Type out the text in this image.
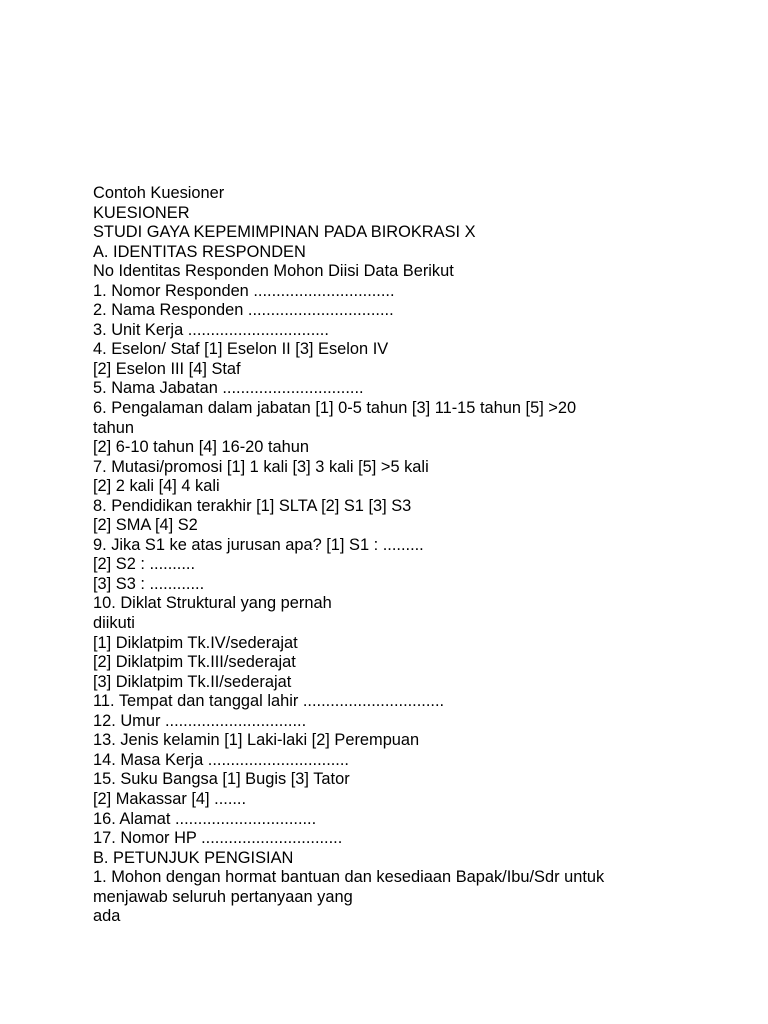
Contoh Kuesioner

KUESIONER

STUDI GAYA KEPEMIMPINAN PADA BIROKRASI X

A. IDENTITAS RESPONDEN

No Identitas Responden Mohon Diisi Data Berikut

1. Nomor Responden ...............................

2. Nama Responden ................................

3. Unit Kerja ...............................

4. Eselon/ Staf [1] Eselon II [3] Eselon IV

[2] Eselon III [4] Staf

5. Nama Jabatan ...............................

6. Pengalaman dalam jabatan [1] 0-5 tahun [3] 11-15 tahun [5] >20

tahun

[2] 6-10 tahun [4] 16-20 tahun

7. Mutasi/promosi [1] 1 kali [3] 3 kali [5] >5 kali

[2] 2 kali [4] 4 kali

8. Pendidikan terakhir [1] SLTA [2] S1 [3] S3

[2] SMA [4] S2

9. Jika S1 ke atas jurusan apa? [1] S1 : .........

[2] S2 : ..........

[3] S3 : ............

10. Diklat Struktural yang pernah

diikuti

[1] Diklatpim Tk.IV/sederajat

[2] Diklatpim Tk.III/sederajat

[3] Diklatpim Tk.II/sederajat

11. Tempat dan tanggal lahir ...............................

12. Umur ...............................

13. Jenis kelamin [1] Laki-laki [2] Perempuan

14. Masa Kerja ...............................

15. Suku Bangsa [1] Bugis [3] Tator

[2] Makassar [4] .......

16. Alamat ...............................

17. Nomor HP ...............................

B. PETUNJUK PENGISIAN

1. Mohon dengan hormat bantuan dan kesediaan Bapak/Ibu/Sdr untuk

menjawab seluruh pertanyaan yang

ada
